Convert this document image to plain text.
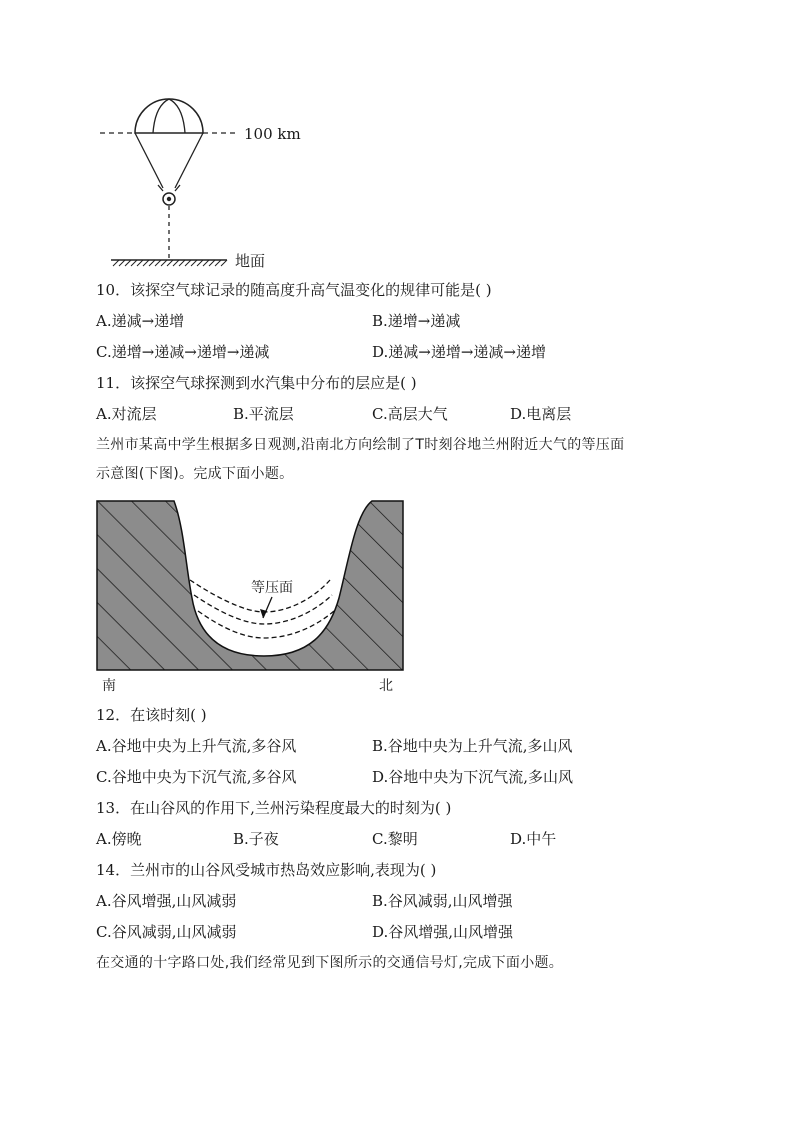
100 km
地面
10．该探空气球记录的随高度升高气温变化的规律可能是( )
A.递减→递增	B.递增→递减
C.递增→递减→递增→递减	D.递减→递增→递减→递增
11．该探空气球探测到水汽集中分布的层应是( )
A.对流层	B.平流层	C.高层大气	D.电离层
兰州市某高中学生根据多日观测,沿南北方向绘制了T时刻谷地兰州附近大气的等压面
示意图(下图)。完成下面小题。
等压面
南	北
12．在该时刻( )
A.谷地中央为上升气流,多谷风	B.谷地中央为上升气流,多山风
C.谷地中央为下沉气流,多谷风	D.谷地中央为下沉气流,多山风
13．在山谷风的作用下,兰州污染程度最大的时刻为( )
A.傍晚	B.子夜	C.黎明	D.中午
14．兰州市的山谷风受城市热岛效应影响,表现为( )
A.谷风增强,山风减弱	B.谷风减弱,山风增强
C.谷风减弱,山风减弱	D.谷风增强,山风增强
在交通的十字路口处,我们经常见到下图所示的交通信号灯,完成下面小题。
